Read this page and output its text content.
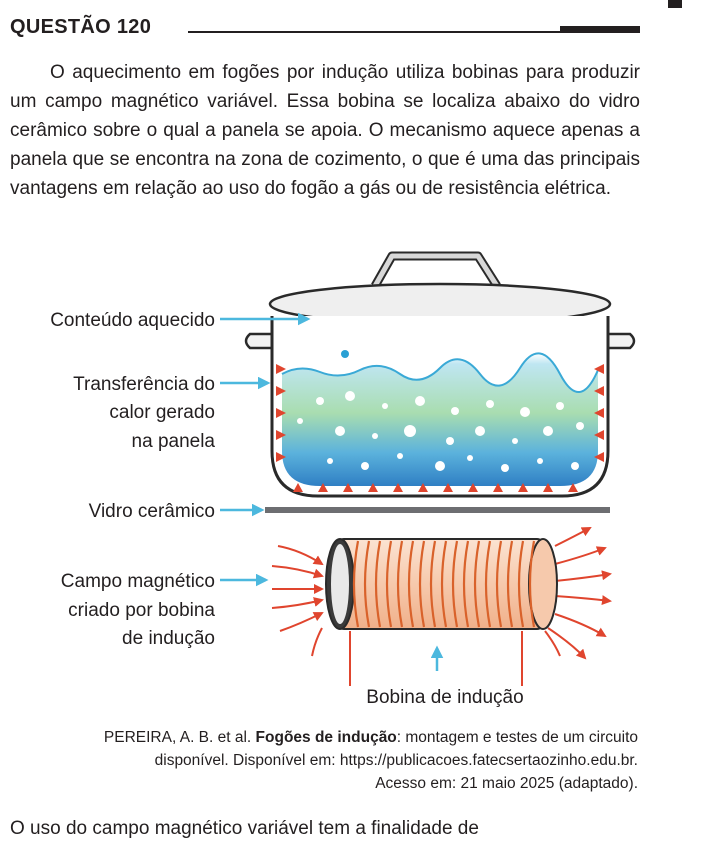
QUESTÃO 120

O aquecimento em fogões por indução utiliza bobinas para produzir um campo magnético variável. Essa bobina se localiza abaixo do vidro cerâmico sobre o qual a panela se apoia. O mecanismo aquece apenas a panela que se encontra na zona de cozimento, o que é uma das principais vantagens em relação ao uso do fogão a gás ou de resistência elétrica.

Conteúdo aquecido
Transferência do
calor gerado
na panela
Vidro cerâmico
Campo magnético
criado por bobina
de indução
Bobina de indução

PEREIRA, A. B. et al. Fogões de indução: montagem e testes de um circuito
disponível. Disponível em: https://publicacoes.fatecsertaozinho.edu.br.
Acesso em: 21 maio 2025 (adaptado).

O uso do campo magnético variável tem a finalidade de
